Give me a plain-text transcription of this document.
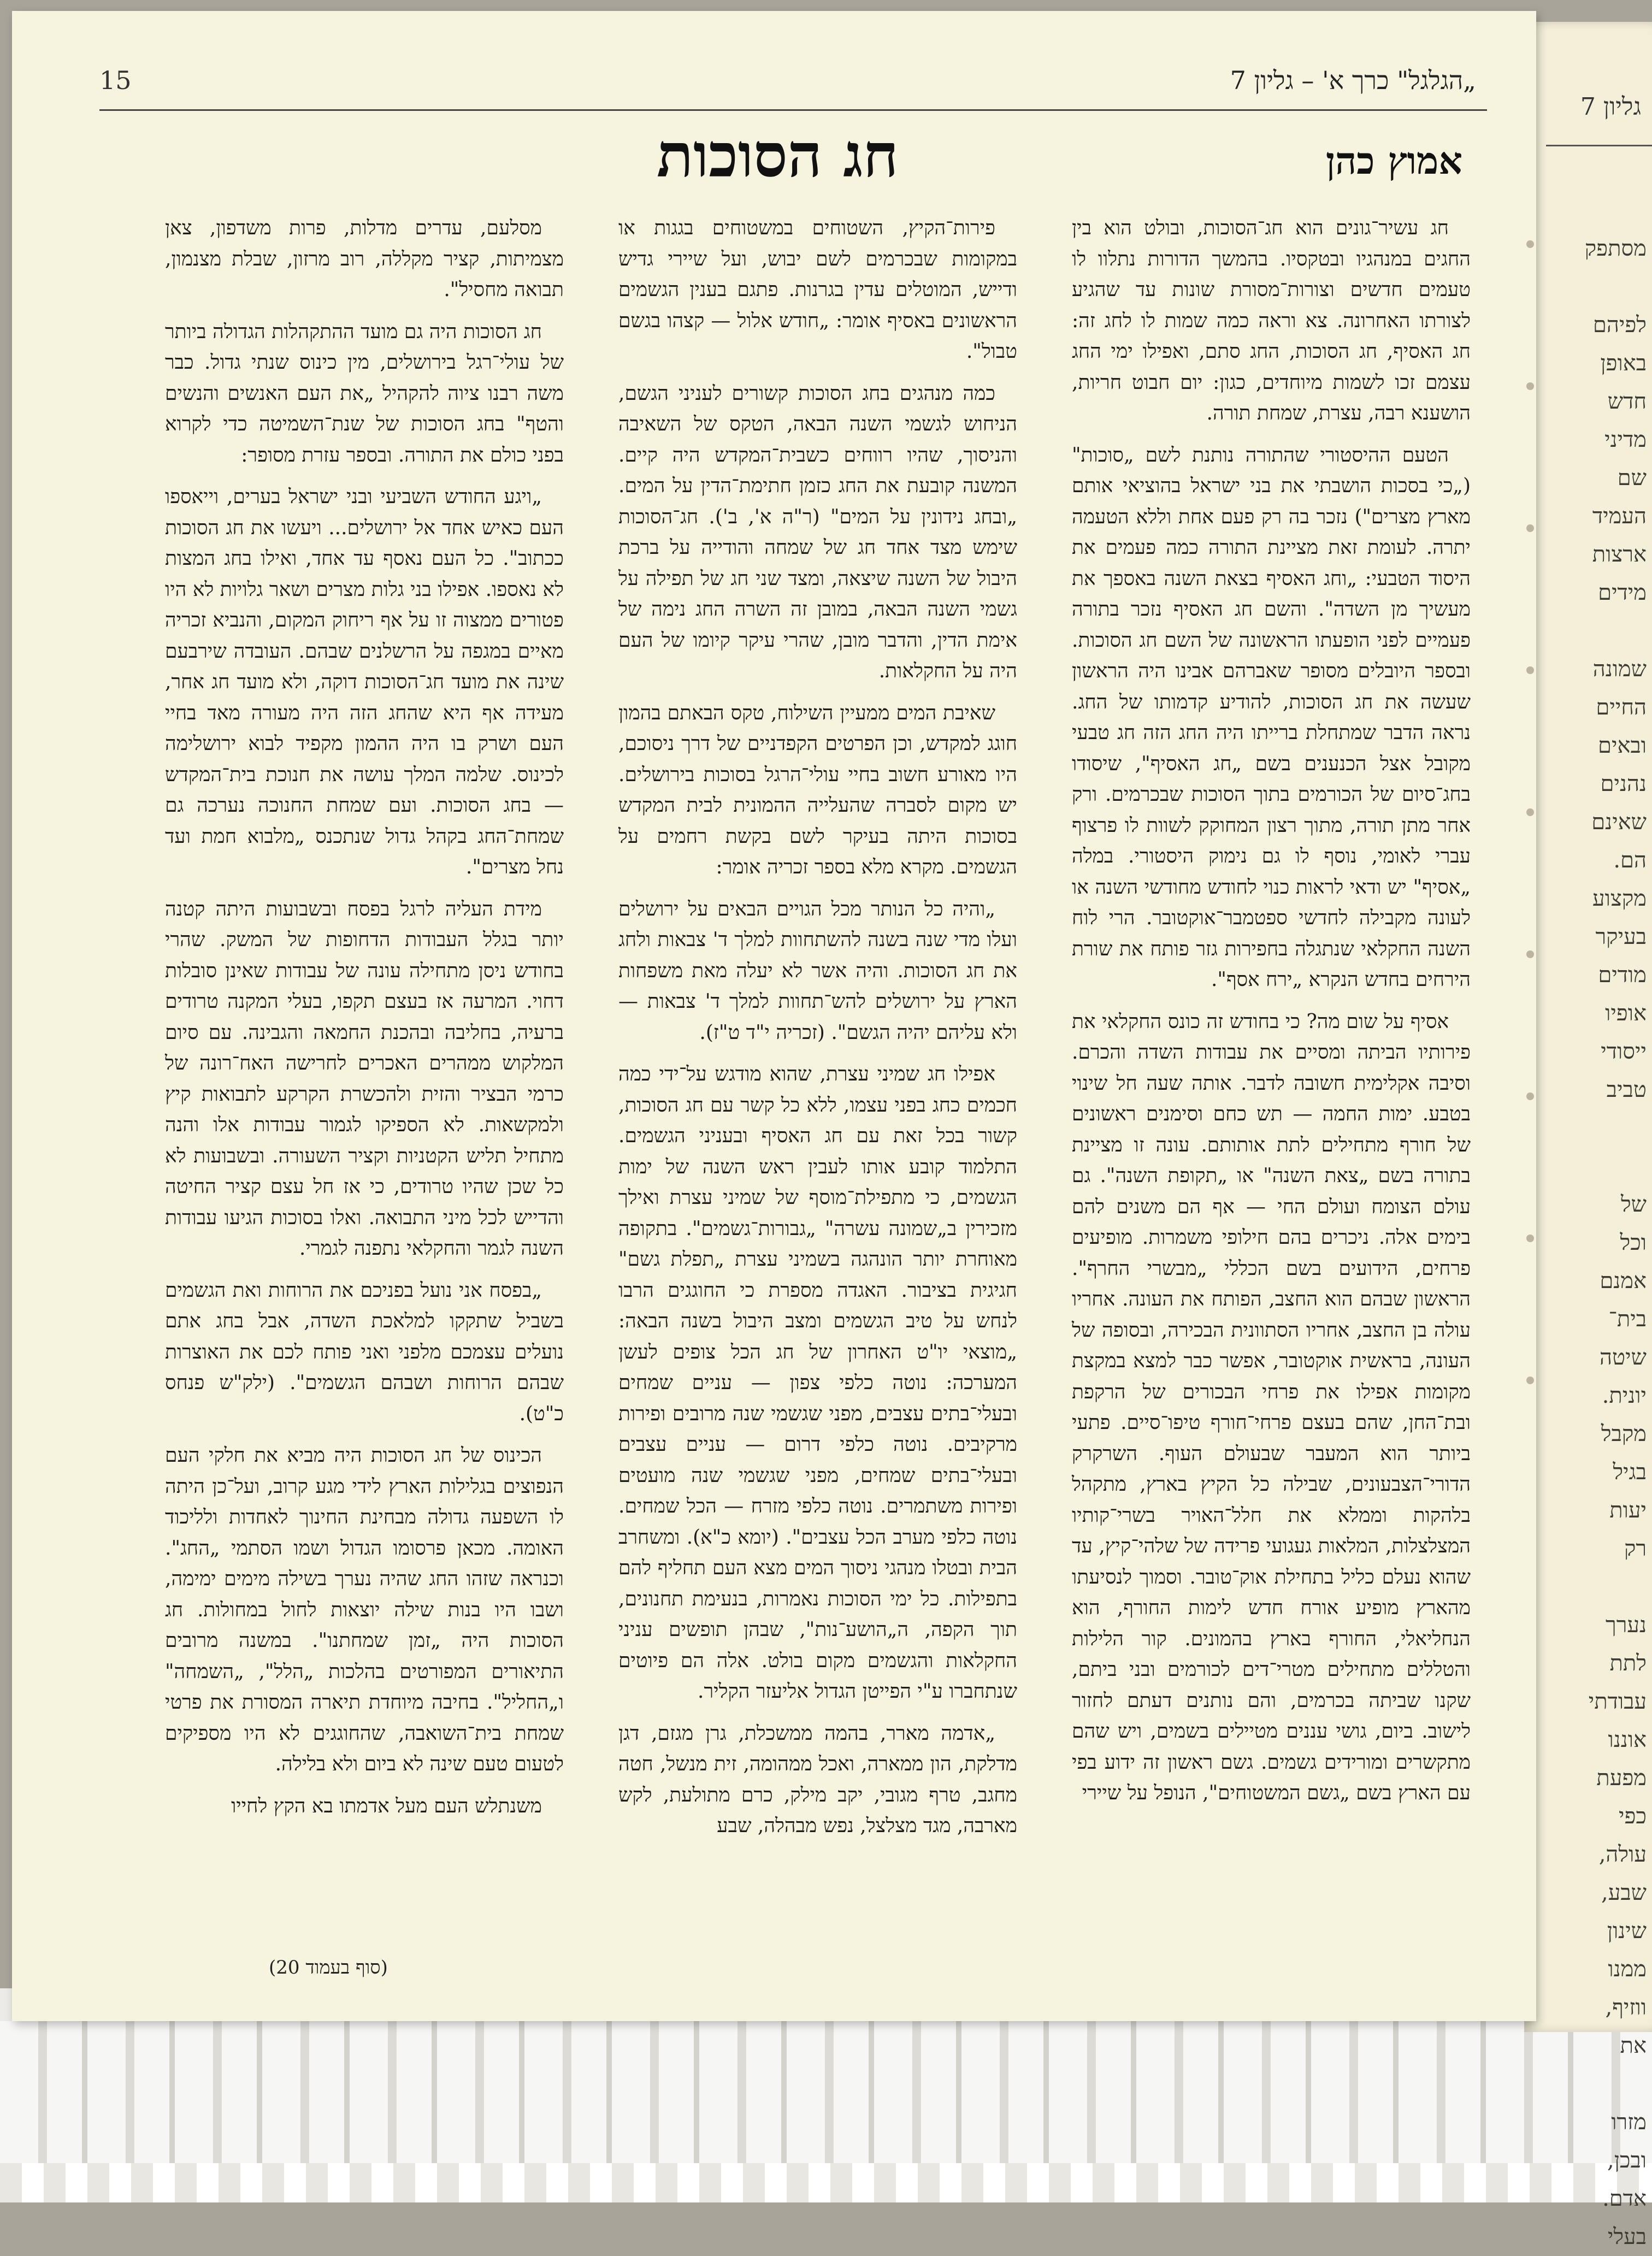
גליון 7
מסתפק

לפיהם
באופן
חדש
מדיני
שם
העמיד
ארצות
מידים

שמונה
החיים
ובאים
נהנים
שאינם
הם.
מקצוע
בעיקר
מודים
אופיו
ייסודי
טביב

של
וכל
אמנם
בית־
שיטה
יונית.
מקבל
בגיל
יעות
רק

נערך
לתת
עבודתי
אוננו
מפעת
כפי
עולה,
שבע,
שינון
ממנו
ווזיף,
את

מזרו
ובכן,
אדם.
בעלי
15	„הגלגל" כרך א' – גליון 7
חג הסוכות	אמוץ כהן

חג עשיר־גונים הוא חג־הסוכות, ובולט הוא בין החגים במנהגיו ובטקסיו. בהמשך הדורות נתלוו לו טעמים חדשים וצורות־מסורת שונות עד שהגיע לצורתו האחרונה. צא וראה כמה שמות לו לחג זה: חג האסיף, חג הסוכות, החג סתם, ואפילו ימי החג עצמם זכו לשמות מיוחדים, כגון: יום חבוט חריות, הושענא רבה, עצרת, שמחת תורה.

הטעם ההיסטורי שהתורה נותנת לשם „סוכות" („כי בסכות הושבתי את בני ישראל בהוציאי אותם מארץ מצרים") נזכר בה רק פעם אחת וללא הטעמה יתרה. לעומת זאת מציינת התורה כמה פעמים את היסוד הטבעי: „וחג האסיף בצאת השנה באספך את מעשיך מן השדה". והשם חג האסיף נזכר בתורה פעמיים לפני הופעתו הראשונה של השם חג הסוכות. ובספר היובלים מסופר שאברהם אבינו היה הראשון שעשה את חג הסוכות, להודיע קדמותו של החג. נראה הדבר שמתחלת ברייתו היה החג הזה חג טבעי מקובל אצל הכנענים בשם „חג האסיף", שיסודו בחג־סיום של הכורמים בתוך הסוכות שבכרמים. ורק אחר מתן תורה, מתוך רצון המחוקק לשוות לו פרצוף עברי לאומי, נוסף לו גם נימוק היסטורי. במלה „אסיף" יש ודאי לראות כנוי לחודש מחודשי השנה או לעונה מקבילה לחדשי ספטמבר־אוקטובר. הרי לוח השנה החקלאי שנתגלה בחפירות גזר פותח את שורת הירחים בחדש הנקרא „ירח אסף".

אסיף על שום מה? כי בחודש זה כונס החקלאי את פירותיו הביתה ומסיים את עבודות השדה והכרם. וסיבה אקלימית חשובה לדבר. אותה שעה חל שינוי בטבע. ימות החמה — תש כחם וסימנים ראשונים של חורף מתחילים לתת אותותם. עונה זו מציינת בתורה בשם „צאת השנה" או „תקופת השנה". גם עולם הצומח ועולם החי — אף הם משנים להם בימים אלה. ניכרים בהם חילופי משמרות. מופיעים פרחים, הידועים בשם הכללי „מבשרי החרף". הראשון שבהם הוא החצב, הפותח את העונה. אחריו עולה בן החצב, אחריו הסתוונית הבכירה, ובסופה של העונה, בראשית אוקטובר, אפשר כבר למצא במקצת מקומות אפילו את פרחי הבכורים של הרקפת ובת־החן, שהם בעצם פרחי־חורף טיפו־סיים. פתעי ביותר הוא המעבר שבעולם העוף. השרקרק הדורי־הצבעונים, שבילה כל הקיץ בארץ, מתקהל בלהקות וממלא את חלל־האויר בשרי־קותיו המצלצלות, המלאות געגועי פרידה של שלהי־קיץ, עד שהוא נעלם כליל בתחילת אוק־טובר. וסמוך לנסיעתו מהארץ מופיע אורח חדש לימות החורף, הוא הנחליאלי, החורף בארץ בהמונים. קור הלילות והטללים מתחילים מטרי־דים לכורמים ובני ביתם, שקנו שביתה בכרמים, והם נותנים דעתם לחזור לישוב. ביום, גושי עננים מטיילים בשמים, ויש שהם מתקשרים ומורידים גשמים. גשם ראשון זה ידוע בפי עם הארץ בשם „גשם המשטוחים", הנופל על שיירי

פירות־הקיץ, השטוחים במשטוחים בגגות או במקומות שבכרמים לשם יבוש, ועל שיירי גדיש ודייש, המוטלים עדין בגרנות. פתגם בענין הגשמים הראשונים באסיף אומר: „חודש אלול — קצהו בגשם טבול".

כמה מנהגים בחג הסוכות קשורים לעניני הגשם, הניחוש לגשמי השנה הבאה, הטקס של השאיבה והניסוך, שהיו רווחים כשבית־המקדש היה קיים. המשנה קובעת את החג כזמן חתימת־הדין על המים. „ובחג נידונין על המים" (ר"ה א', ב'). חג־הסוכות שימש מצד אחד חג של שמחה והודייה על ברכת היבול של השנה שיצאה, ומצד שני חג של תפילה על גשמי השנה הבאה, במובן זה השרה החג נימה של אימת הדין, והדבר מובן, שהרי עיקר קיומו של העם היה על החקלאות.

שאיבת המים ממעיין השילוח, טקס הבאתם בהמון חוגג למקדש, וכן הפרטים הקפדניים של דרך ניסוכם, היו מאורע חשוב בחיי עולי־הרגל בסוכות בירושלים. יש מקום לסברה שהעלייה ההמונית לבית המקדש בסוכות היתה בעיקר לשם בקשת רחמים על הגשמים. מקרא מלא בספר זכריה אומר:

„והיה כל הנותר מכל הגויים הבאים על ירושלים ועלו מדי שנה בשנה להשתחוות למלך ד' צבאות ולחג את חג הסוכות. והיה אשר לא יעלה מאת משפחות הארץ על ירושלים להש־תחוות למלך ד' צבאות — ולא עליהם יהיה הגשם". (זכריה י"ד ט"ז).

אפילו חג שמיני עצרת, שהוא מודגש על־ידי כמה חכמים כחג בפני עצמו, ללא כל קשר עם חג הסוכות, קשור בכל זאת עם חג האסיף ובעניני הגשמים. התלמוד קובע אותו לעבין ראש השנה של ימות הגשמים, כי מתפילת־מוסף של שמיני עצרת ואילך מזכירין ב„שמונה עשרה" „גבורות־גשמים". בתקופה מאוחרת יותר הונהגה בשמיני עצרת „תפלת גשם" חגיגית בציבור. האגדה מספרת כי החוגגים הרבו לנחש על טיב הגשמים ומצב היבול בשנה הבאה: „מוצאי יו"ט האחרון של חג הכל צופים לעשן המערכה: נוטה כלפי צפון — עניים שמחים ובעלי־בתים עצבים, מפני שגשמי שנה מרובים ופירות מרקיבים. נוטה כלפי דרום — עניים עצבים ובעלי־בתים שמחים, מפני שגשמי שנה מועטים ופירות משתמרים. נוטה כלפי מזרח — הכל שמחים. נוטה כלפי מערב הכל עצבים". (יומא כ"א). ומשחרב הבית ובטלו מנהגי ניסוך המים מצא העם תחליף להם בתפילות. כל ימי הסוכות נאמרות, בנעימת תחנונים, תוך הקפה, ה„הושע־נות", שבהן תופשים עניני החקלאות והגשמים מקום בולט. אלה הם פיוטים שנתחברו ע"י הפייטן הגדול אליעזר הקליר.

„אדמה מארר, בהמה ממשכלת, גרן מגזם, דגן מדלקת, הון ממארה, ואכל ממהומה, זית מנשל, חטה מחגב, טרף מגובי, יקב מילק, כרם מתולעת, לקש מארבה, מגד מצלצל, נפש מבהלה, שבע

מסלעם, עדרים מדלות, פרות משדפון, צאן מצמיתות, קציר מקללה, רוב מרזון, שבלת מצנמון, תבואה מחסיל".

חג הסוכות היה גם מועד ההתקהלות הגדולה ביותר של עולי־רגל בירושלים, מין כינוס שנתי גדול. כבר משה רבנו ציוה להקהיל „את העם האנשים והנשים והטף" בחג הסוכות של שנת־השמיטה כדי לקרוא בפני כולם את התורה. ובספר עזרת מסופר:

„ויגע החודש השביעי ובני ישראל בערים, וייאספו העם כאיש אחד אל ירושלים... ויעשו את חג הסוכות ככתוב". כל העם נאסף עד אחד, ואילו בחג המצות לא נאספו. אפילו בני גלות מצרים ושאר גלויות לא היו פטורים ממצוה זו על אף ריחוק המקום, והנביא זכריה מאיים במגפה על הרשלנים שבהם. העובדה שירבעם שינה את מועד חג־הסוכות דוקה, ולא מועד חג אחר, מעידה אף היא שהחג הזה היה מעורה מאד בחיי העם ושרק בו היה ההמון מקפיד לבוא ירושלימה לכינוס. שלמה המלך עושה את חנוכת בית־המקדש — בחג הסוכות. ועם שמחת החנוכה נערכה גם שמחת־החג בקהל גדול שנתכנס „מלבוא חמת ועד נחל מצרים".

מידת העליה לרגל בפסח ובשבועות היתה קטנה יותר בגלל העבודות הדחופות של המשק. שהרי בחודש ניסן מתחילה עונה של עבודות שאינן סובלות דחוי. המרעה אז בעצם תקפו, בעלי המקנה טרודים ברעיה, בחליבה ובהכנת החמאה והגבינה. עם סיום המלקוש ממהרים האכרים לחרישה האח־רונה של כרמי הבציר והזית ולהכשרת הקרקע לתבואות קיץ ולמקשאות. לא הספיקו לגמור עבודות אלו והנה מתחיל תליש הקטניות וקציר השעורה. ובשבועות לא כל שכן שהיו טרודים, כי אז חל עצם קציר החיטה והדייש לכל מיני התבואה. ואלו בסוכות הגיעו עבודות השנה לגמר והחקלאי נתפנה לגמרי.

„בפסח אני נועל בפניכם את הרוחות ואת הגשמים בשביל שתקקו למלאכת השדה, אבל בחג אתם נועלים עצמכם מלפני ואני פותח לכם את האוצרות שבהם הרוחות ושבהם הגשמים". (ילק"ש פנחס כ"ט).

הכינוס של חג הסוכות היה מביא את חלקי העם הנפוצים בגלילות הארץ לידי מגע קרוב, ועל־כן היתה לו השפעה גדולה מבחינת החינוך לאחדות ולליכוד האומה. מכאן פרסומו הגדול ושמו הסתמי „החג". וכנראה שזהו החג שהיה נערך בשילה מימים ימימה, ושבו היו בנות שילה יוצאות לחול במחולות. חג הסוכות היה „זמן שמחתנו". במשנה מרובים התיאורים המפורטים בהלכות „הלל", „השמחה" ו„החליל". בחיבה מיוחדת תיארה המסורת את פרטי שמחת בית־השואבה, שהחוגגים לא היו מספיקים לטעום טעם שינה לא ביום ולא בלילה.

משנתלש העם מעל אדמתו בא הקץ לחייו

(סוף בעמוד 20)
